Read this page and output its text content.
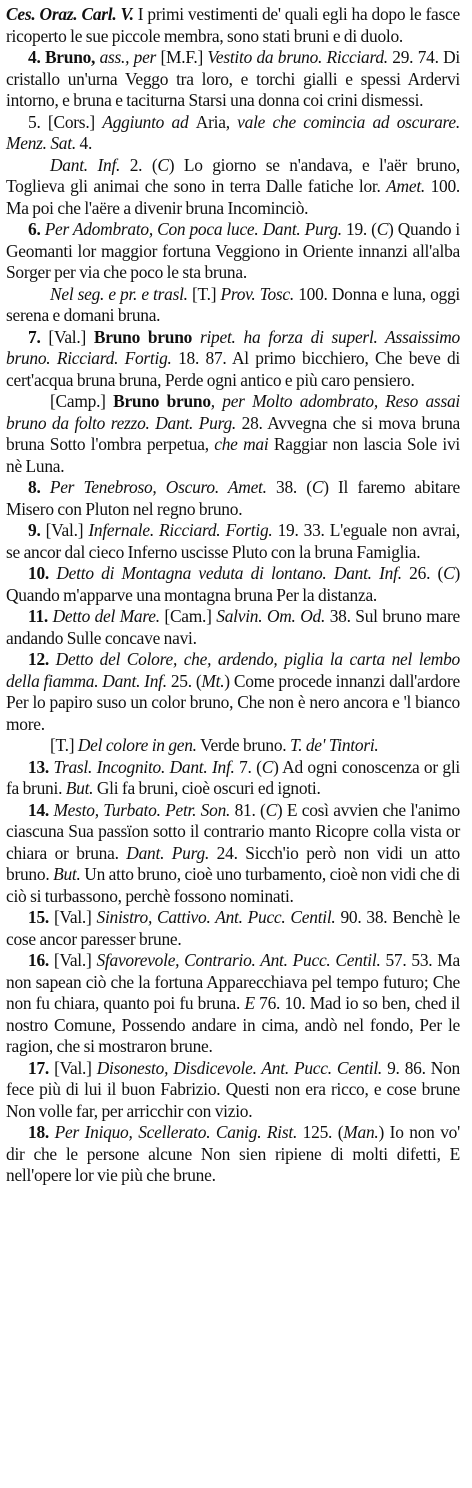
Ces. Oraz. Carl. V. I primi vestimenti de' quali egli ha dopo le fasce ricoperto le sue piccole membra, sono stati bruni e di duolo.

4. Bruno, ass., per [M.F.] Vestito da bruno. Ricciard. 29. 74. Di cristallo un'urna Veggo tra loro, e torchi gialli e spessi Ardervi intorno, e bruna e taciturna Starsi una donna coi crini dismessi.

5. [Cors.] Aggiunto ad Aria, vale che comincia ad oscurare. Menz. Sat. 4.

Dant. Inf. 2. (C) Lo giorno se n'andava, e l'aër bruno, Toglieva gli animai che sono in terra Dalle fatiche lor. Amet. 100. Ma poi che l'aëre a divenir bruna Incominciò.

6. Per Adombrato, Con poca luce. Dant. Purg. 19. (C) Quando i Geomanti lor maggior fortuna Veggiono in Oriente innanzi all'alba Sorger per via che poco le sta bruna.

Nel seg. e pr. e trasl. [T.] Prov. Tosc. 100. Donna e luna, oggi serena e domani bruna.

7. [Val.] Bruno bruno ripet. ha forza di superl. Assaissimo bruno. Ricciard. Fortig. 18. 87. Al primo bicchiero, Che beve di cert'acqua bruna bruna, Perde ogni antico e più caro pensiero.

[Camp.] Bruno bruno, per Molto adombrato, Reso assai bruno da folto rezzo. Dant. Purg. 28. Avvegna che si mova bruna bruna Sotto l'ombra perpetua, che mai Raggiar non lascia Sole ivi nè Luna.

8. Per Tenebroso, Oscuro. Amet. 38. (C) Il faremo abitare Misero con Pluton nel regno bruno.

9. [Val.] Infernale. Ricciard. Fortig. 19. 33. L'eguale non avrai, se ancor dal cieco Inferno uscisse Pluto con la bruna Famiglia.

10. Detto di Montagna veduta di lontano. Dant. Inf. 26. (C) Quando m'apparve una montagna bruna Per la distanza.

11. Detto del Mare. [Cam.] Salvin. Om. Od. 38. Sul bruno mare andando Sulle concave navi.

12. Detto del Colore, che, ardendo, piglia la carta nel lembo della fiamma. Dant. Inf. 25. (Mt.) Come procede innanzi dall'ardore Per lo papiro suso un color bruno, Che non è nero ancora e 'l bianco more.

[T.] Del colore in gen. Verde bruno. T. de' Tintori.

13. Trasl. Incognito. Dant. Inf. 7. (C) Ad ogni conoscenza or gli fa bruni. But. Gli fa bruni, cioè oscuri ed ignoti.

14. Mesto, Turbato. Petr. Son. 81. (C) E così avvien che l'animo ciascuna Sua passïon sotto il contrario manto Ricopre colla vista or chiara or bruna. Dant. Purg. 24. Sicch'io però non vidi un atto bruno. But. Un atto bruno, cioè uno turbamento, cioè non vidi che di ciò si turbassono, perchè fossono nominati.

15. [Val.] Sinistro, Cattivo. Ant. Pucc. Centil. 90. 38. Benchè le cose ancor paresser brune.

16. [Val.] Sfavorevole, Contrario. Ant. Pucc. Centil. 57. 53. Ma non sapean ciò che la fortuna Apparecchiava pel tempo futuro; Che non fu chiara, quanto poi fu bruna. E 76. 10. Mad io so ben, ched il nostro Comune, Possendo andare in cima, andò nel fondo, Per le ragion, che si mostraron brune.

17. [Val.] Disonesto, Disdicevole. Ant. Pucc. Centil. 9. 86. Non fece più di lui il buon Fabrizio. Questi non era ricco, e cose brune Non volle far, per arricchir con vizio.

18. Per Iniquo, Scellerato. Canig. Rist. 125. (Man.) Io non vo' dir che le persone alcune Non sien ripiene di molti difetti, E nell'opere lor vie più che brune.
